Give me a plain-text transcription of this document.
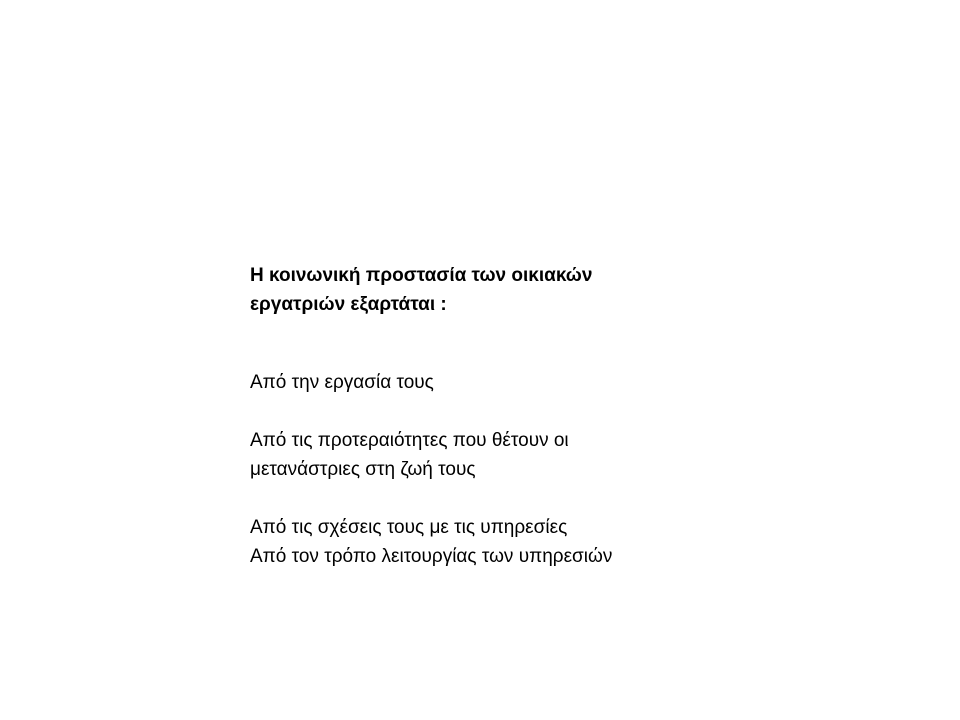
Η κοινωνική προστασία των οικιακών
εργατριών εξαρτάται :

Από την εργασία τους

Από τις προτεραιότητες που θέτουν οι
μετανάστριες στη ζωή τους

Από τις σχέσεις τους με τις υπηρεσίες

Από τον τρόπο λειτουργίας των υπηρεσιών
